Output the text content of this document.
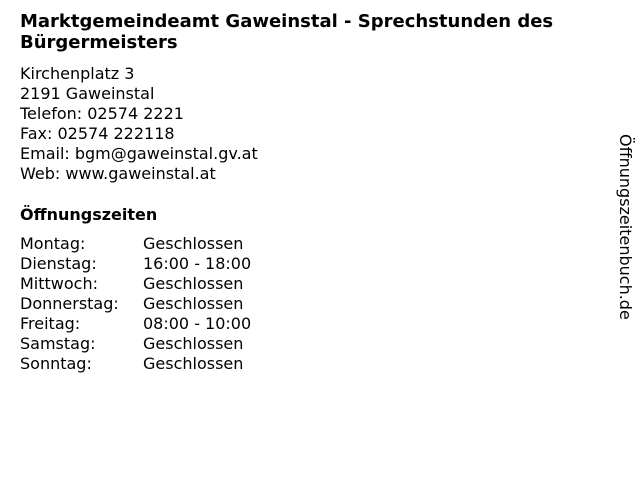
Marktgemeindeamt Gaweinstal - Sprechstunden des Bürgermeisters
Kirchenplatz 3
2191 Gaweinstal
Telefon: 02574 2221
Fax: 02574 222118
Email: bgm@gaweinstal.gv.at
Web: www.gaweinstal.at
Öffnungszeiten
Montag:	Geschlossen
Dienstag:	16:00 - 18:00
Mittwoch:	Geschlossen
Donnerstag: Geschlossen
Freitag:	08:00 - 10:00
Samstag:	Geschlossen
Sonntag:	Geschlossen
Öffnungszeitenbuch.de
